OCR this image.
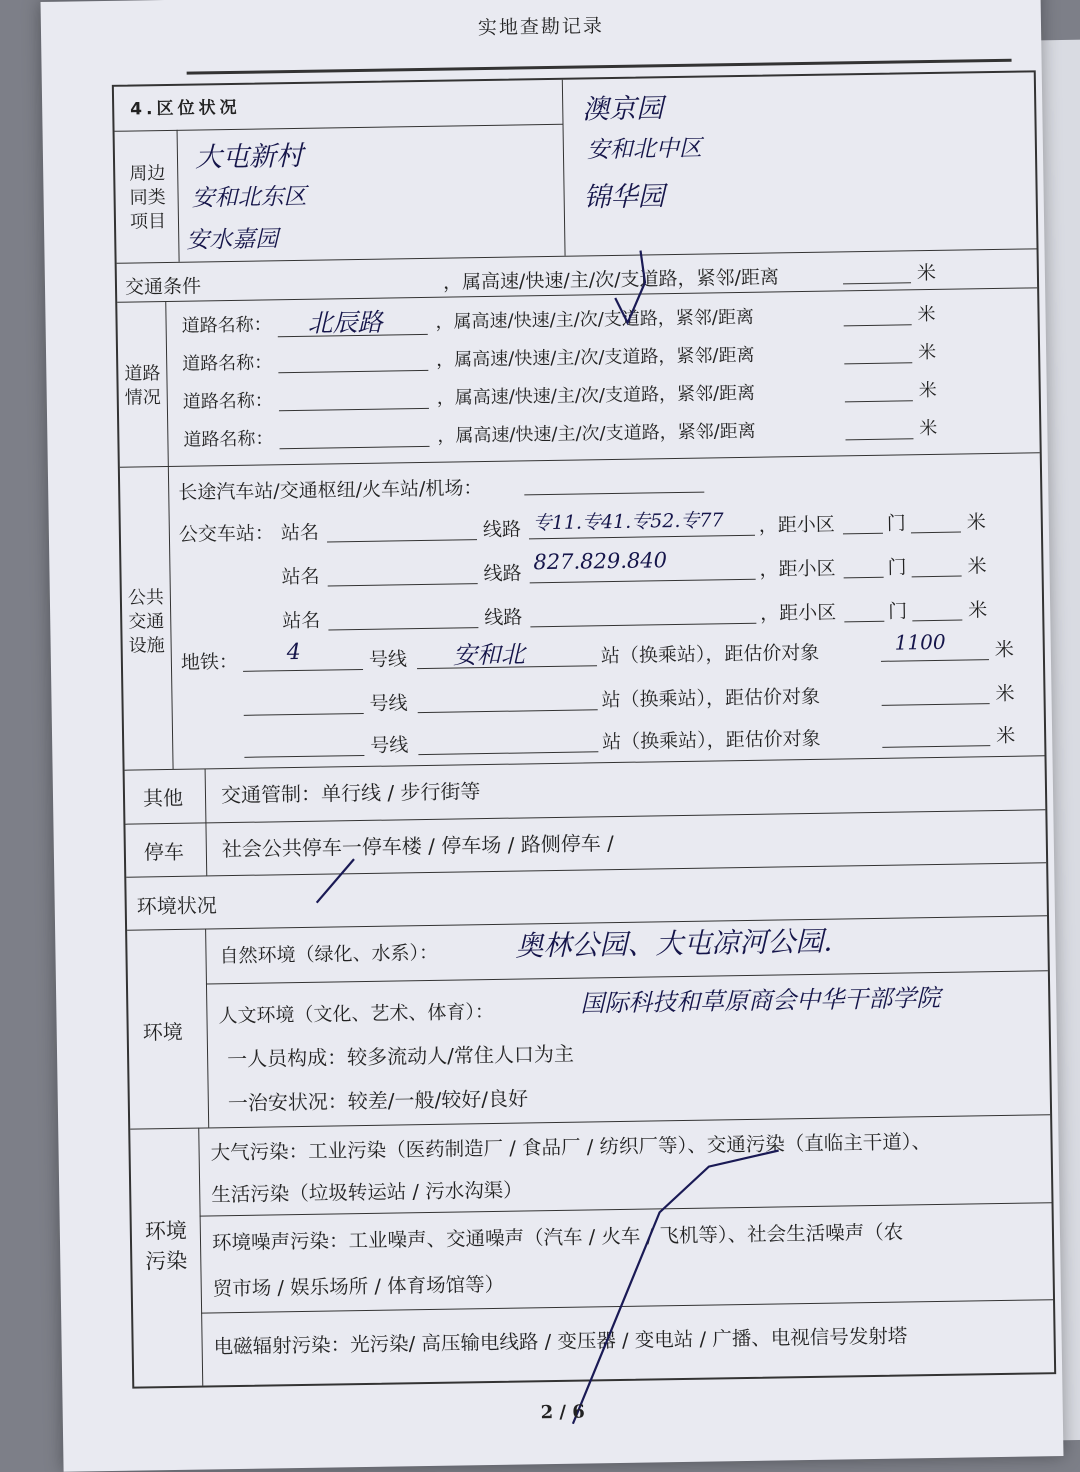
实地查勘记录
4.区位状况
周边同类项目
大屯新村
安和北东区
安水嘉园
澳京园
安和北中区
锦华园
交通条件	，属高速/快速/主/次/支道路，紧邻/距离	米
道路情况
道路名称： 北辰路	，属高速/快速/主/次/支道路，紧邻/距离	米
道路名称：	，属高速/快速/主/次/支道路，紧邻/距离	米
道路名称：	，属高速/快速/主/次/支道路，紧邻/距离	米
道路名称：	，属高速/快速/主/次/支道路，紧邻/距离	米
公共交通设施
长途汽车站/交通枢纽/火车站/机场：
公交车站： 站名	线路 专11.专41.专52.专77 ，距小区	门	米
站名	线路 827.829.840	，距小区	门	米
站名	线路	，距小区	门	米
地铁： 4	号线 安和北	站（换乘站），距估价对象	1100	米
号线	站（换乘站），距估价对象	米
号线	站（换乘站），距估价对象	米
其他 交通管制：单行线 / 步行街等
停车 社会公共停车一停车楼 / 停车场 / 路侧停车 /
环境状况
环境
自然环境（绿化、水系）：	奥林公园、大屯凉河公园.
人文环境（文化、艺术、体育）：	国际科技和草原商会中华干部学院
一人员构成：较多流动人/常住人口为主
一治安状况：较差/一般/较好/良好
环境污染
大气污染：工业污染（医药制造厂 / 食品厂 / 纺织厂等）、交通污染（直临主干道）、
生活污染（垃圾转运站 / 污水沟渠）
环境噪声污染：工业噪声、交通噪声（汽车 / 火车 / 飞机等）、社会生活噪声（农
贸市场 / 娱乐场所 / 体育场馆等）
电磁辐射污染：光污染/ 高压输电线路 / 变压器 / 变电站 / 广播、电视信号发射塔
2 / 6
